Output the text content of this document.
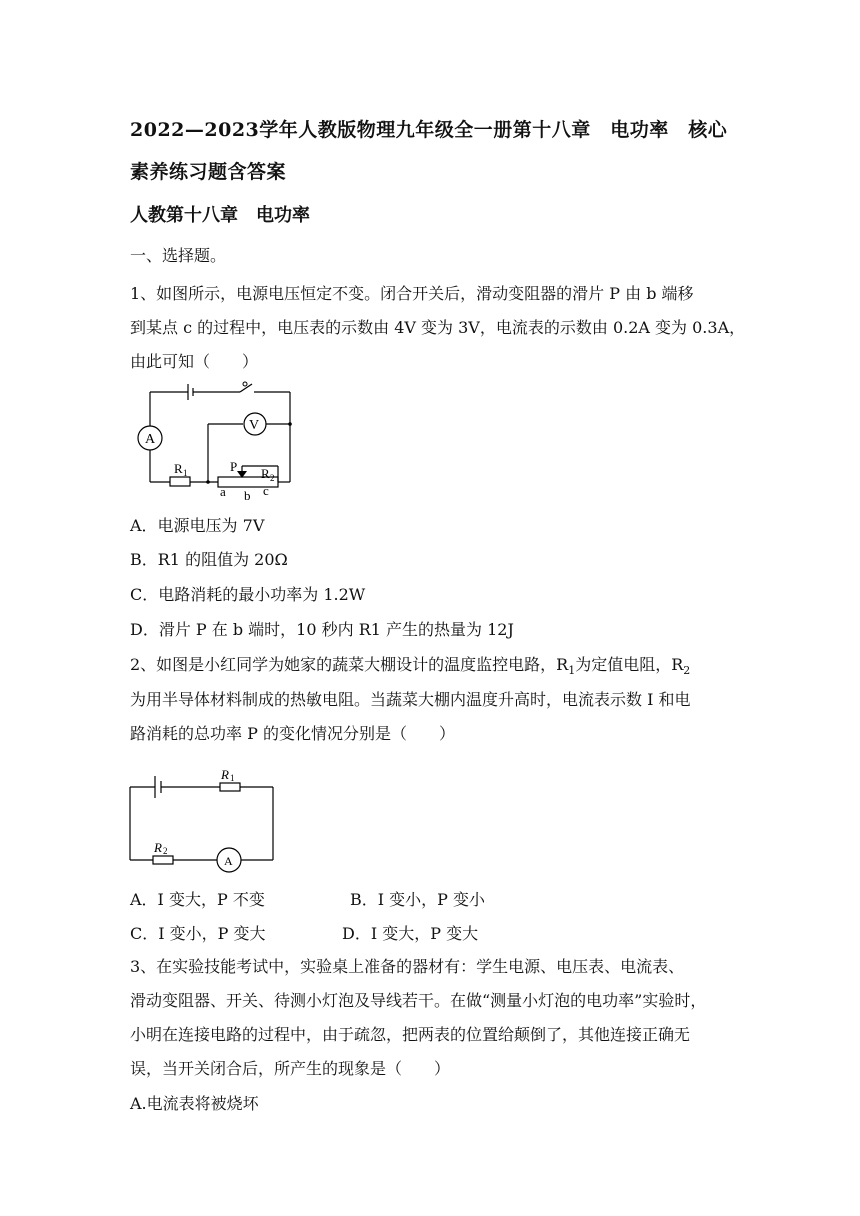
2022—2023学年人教版物理九年级全一册第十八章　电功率　核心
素养练习题含答案
人教第十八章　电功率
一、选择题。
1、如图所示，电源电压恒定不变。闭合开关后，滑动变阻器的滑片 P 由 b 端移
到某点 c 的过程中，电压表的示数由 4V 变为 3V，电流表的示数由 0.2A 变为 0.3A，
由此可知（　　）
A
V
R 1	R 2
P
a b c
A．电源电压为 7V
B．R1 的阻值为 20Ω
C．电路消耗的最小功率为 1.2W
D．滑片 P 在 b 端时，10 秒内 R1 产生的热量为 12J
2、如图是小红同学为她家的蔬菜大棚设计的温度监控电路，$R_1$为定值电阻，$R_2$
为用半导体材料制成的热敏电阻。当蔬菜大棚内温度升高时，电流表示数 I 和电
路消耗的总功率 P 的变化情况分别是（　　）
R 1
R 2
A
A．I 变大，P 不变	B．I 变小，P 变小
C．I 变小，P 变大	D．I 变大，P 变大
3、在实验技能考试中，实验桌上准备的器材有：学生电源、电压表、电流表、
滑动变阻器、开关、待测小灯泡及导线若干。在做“测量小灯泡的电功率”实验时，
小明在连接电路的过程中，由于疏忽，把两表的位置给颠倒了，其他连接正确无
误，当开关闭合后，所产生的现象是（　　）
A.电流表将被烧坏
